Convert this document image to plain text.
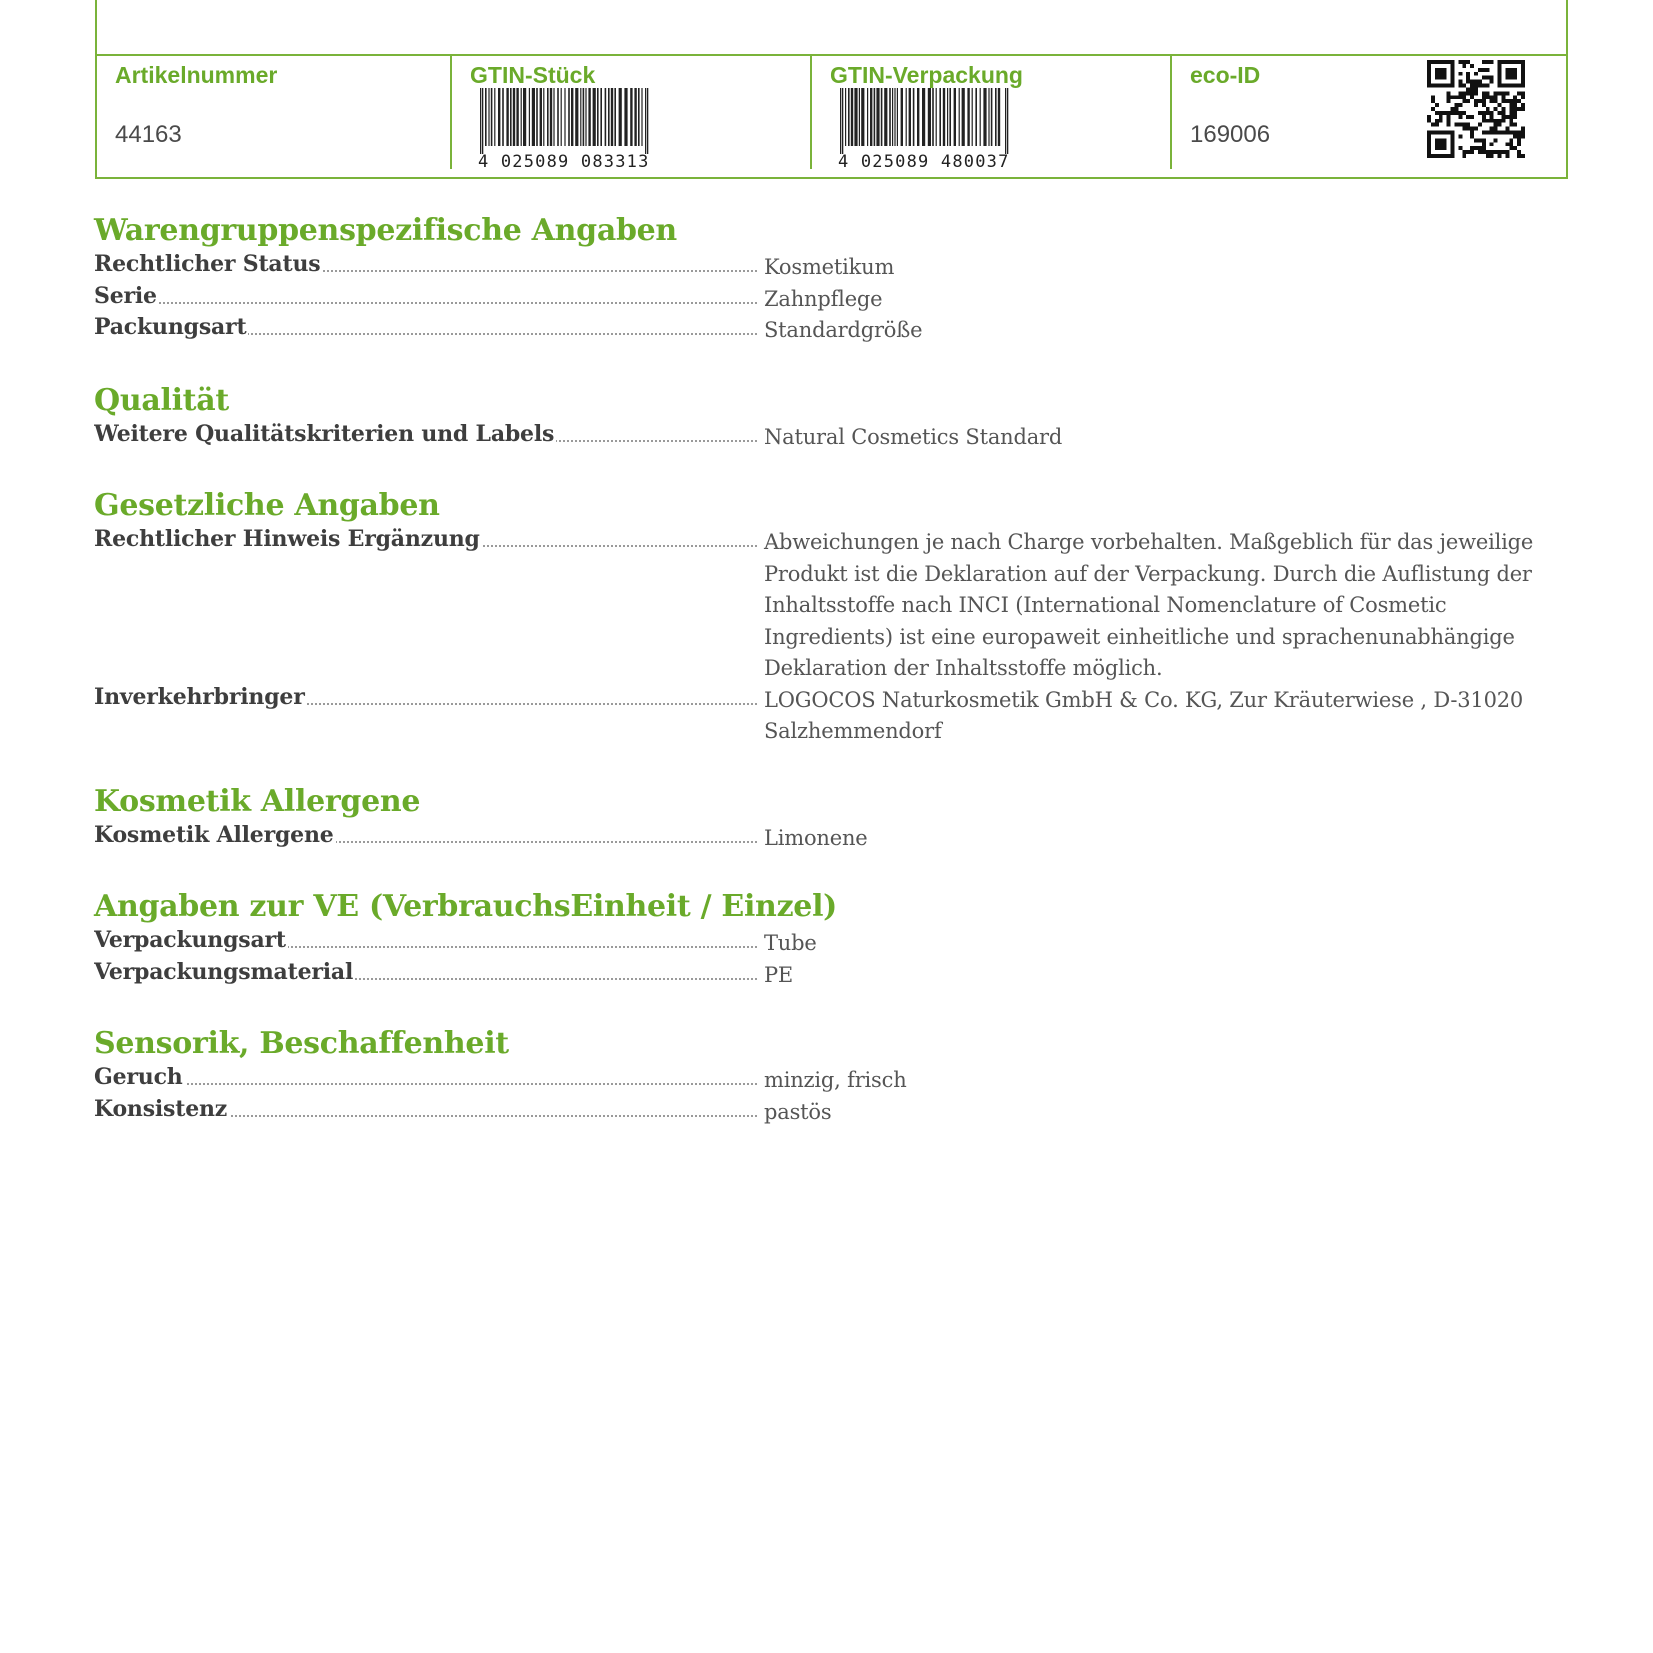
Artikelnummer
44163
GTIN-Stück
4 025089 083313
GTIN-Verpackung
4 025089 480037
eco-ID
169006
Warengruppenspezifische Angaben
Rechtlicher Status	Kosmetikum
Serie	Zahnpflege
Packungsart	Standardgröße
Qualität
Weitere Qualitätskriterien und Labels	Natural Cosmetics Standard
Gesetzliche Angaben
Rechtlicher Hinweis Ergänzung	Abweichungen je nach Charge vorbehalten. Maßgeblich für das jeweilige Produkt ist die Deklaration auf der Verpackung. Durch die Auflistung der Inhaltsstoffe nach INCI (International Nomenclature of Cosmetic Ingredients) ist eine europaweit einheitliche und sprachenunabhängige Deklaration der Inhaltsstoffe möglich.
Inverkehrbringer	LOGOCOS Naturkosmetik GmbH & Co. KG, Zur Kräuterwiese , D-31020 Salzhemmendorf
Kosmetik Allergene
Kosmetik Allergene	Limonene
Angaben zur VE (VerbrauchsEinheit / Einzel)
Verpackungsart	Tube
Verpackungsmaterial	PE
Sensorik, Beschaffenheit
Geruch	minzig, frisch
Konsistenz	pastös
